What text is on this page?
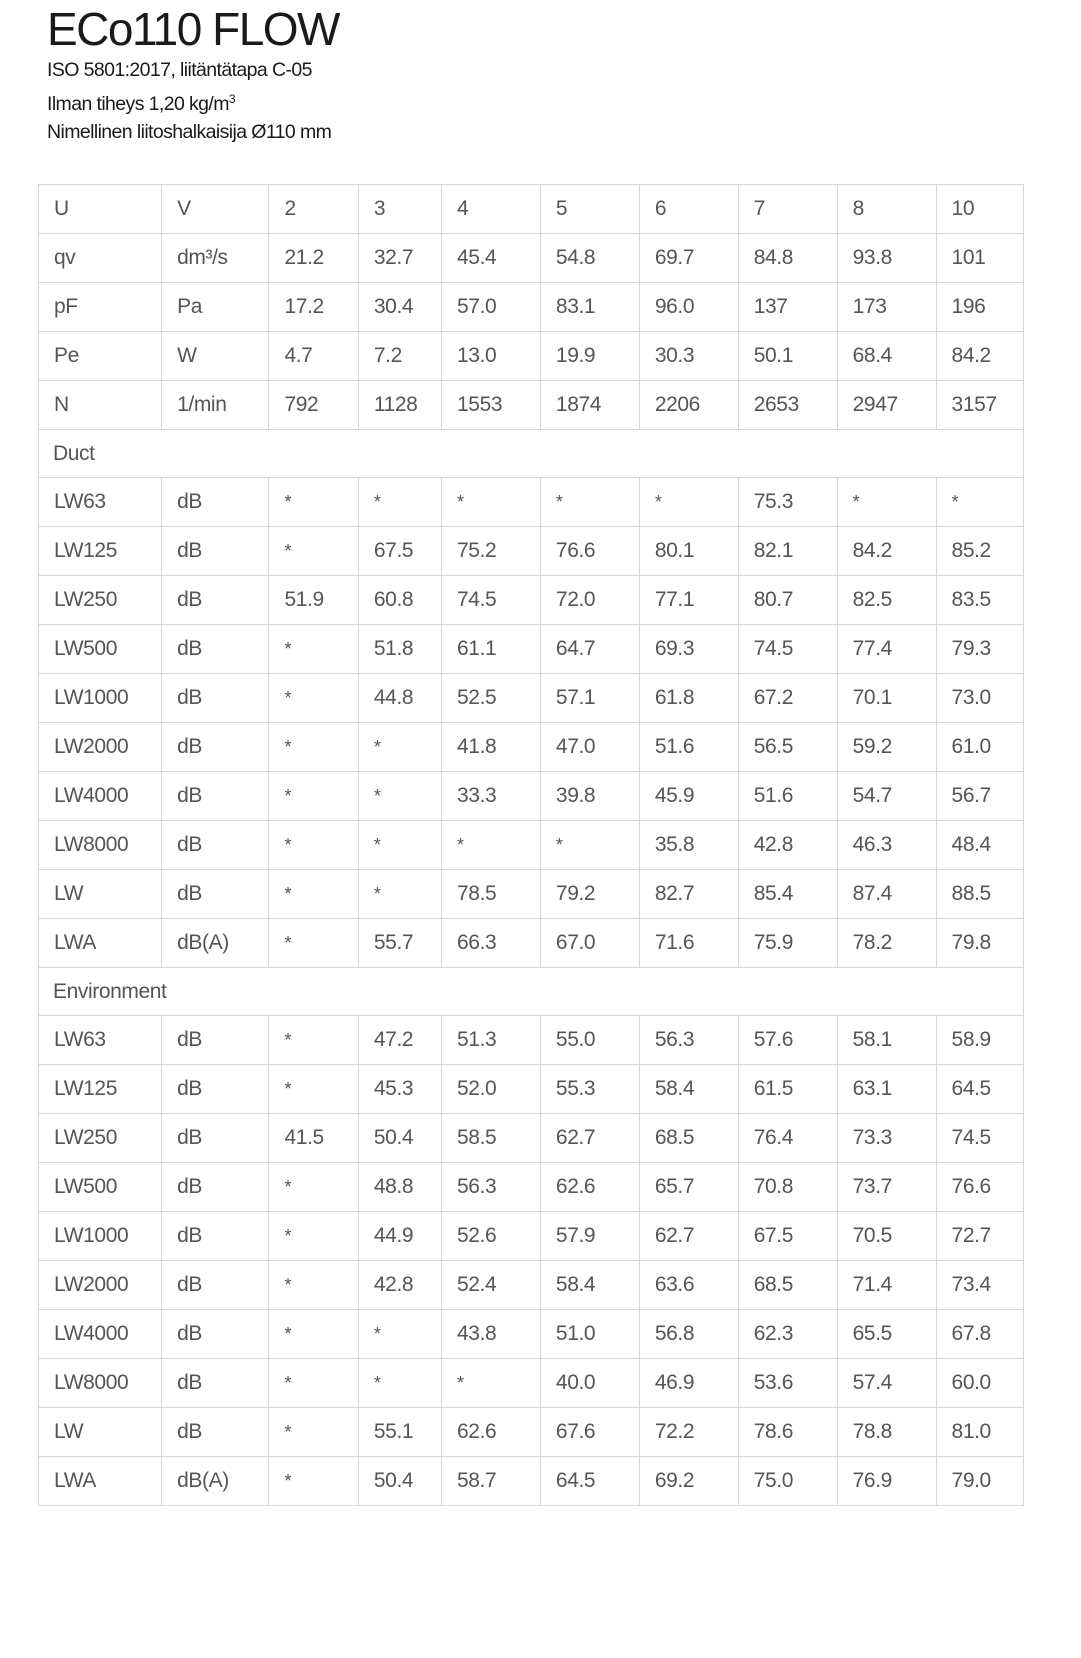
ECo110 FLOW
ISO 5801:2017, liitäntätapa C-05
Ilman tiheys 1,20 $kg/m^3$
Nimellinen liitoshalkaisija Ø110 mm
U	V	2	3	4	5	6	7	8	10
qv	dm³/s	21.2	32.7	45.4	54.8	69.7	84.8	93.8	101
pF	Pa	17.2	30.4	57.0	83.1	96.0	137	173	196
Pe	W	4.7	7.2	13.0	19.9	30.3	50.1	68.4	84.2
N	1/min	792	1128	1553	1874	2206	2653	2947	3157
Duct									
LW63	dB	*	*	*	*	*	75.3	*	*
LW125	dB	*	67.5	75.2	76.6	80.1	82.1	84.2	85.2
LW250	dB	51.9	60.8	74.5	72.0	77.1	80.7	82.5	83.5
LW500	dB	*	51.8	61.1	64.7	69.3	74.5	77.4	79.3
LW1000	dB	*	44.8	52.5	57.1	61.8	67.2	70.1	73.0
LW2000	dB	*	*	41.8	47.0	51.6	56.5	59.2	61.0
LW4000	dB	*	*	33.3	39.8	45.9	51.6	54.7	56.7
LW8000	dB	*	*	*	*	35.8	42.8	46.3	48.4
LW	dB	*	*	78.5	79.2	82.7	85.4	87.4	88.5
LWA	dB(A)	*	55.7	66.3	67.0	71.6	75.9	78.2	79.8
Environment									
LW63	dB	*	47.2	51.3	55.0	56.3	57.6	58.1	58.9
LW125	dB	*	45.3	52.0	55.3	58.4	61.5	63.1	64.5
LW250	dB	41.5	50.4	58.5	62.7	68.5	76.4	73.3	74.5
LW500	dB	*	48.8	56.3	62.6	65.7	70.8	73.7	76.6
LW1000	dB	*	44.9	52.6	57.9	62.7	67.5	70.5	72.7
LW2000	dB	*	42.8	52.4	58.4	63.6	68.5	71.4	73.4
LW4000	dB	*	*	43.8	51.0	56.8	62.3	65.5	67.8
LW8000	dB	*	*	*	40.0	46.9	53.6	57.4	60.0
LW	dB	*	55.1	62.6	67.6	72.2	78.6	78.8	81.0
LWA	dB(A)	*	50.4	58.7	64.5	69.2	75.0	76.9	79.0
